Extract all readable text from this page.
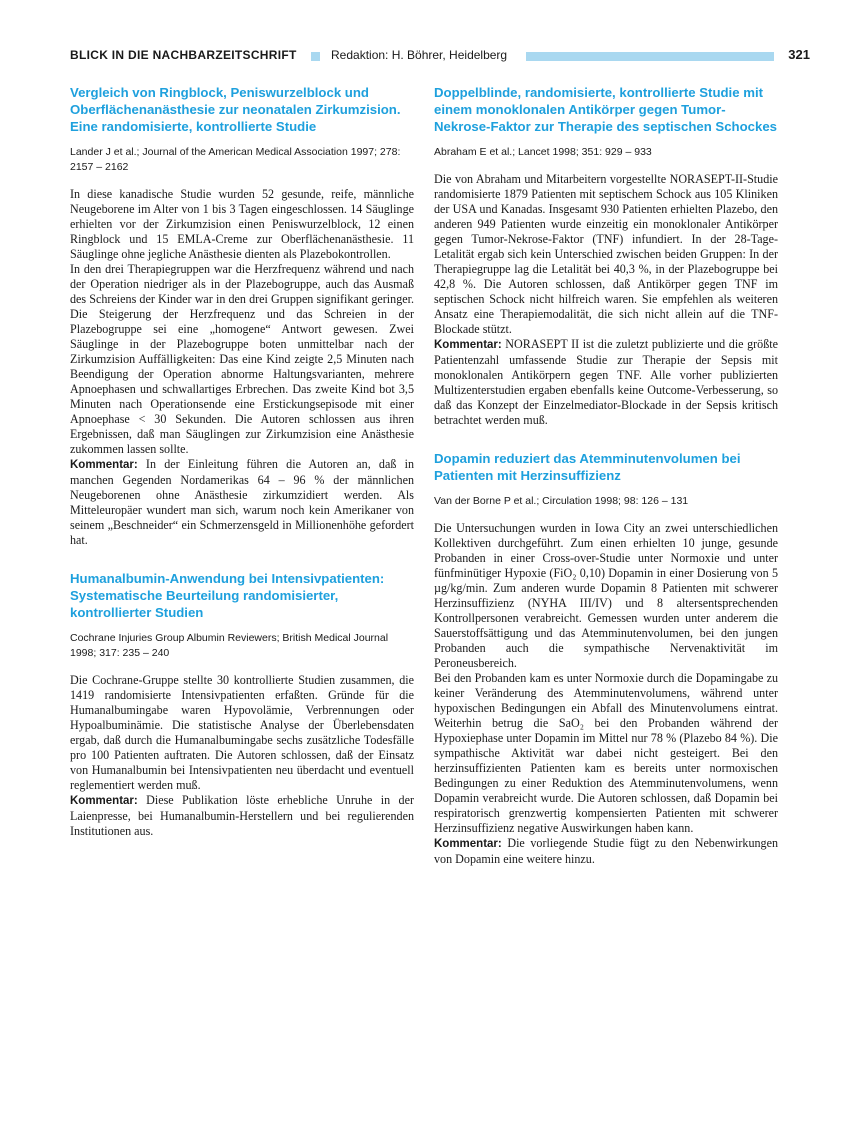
BLICK IN DIE NACHBARZEITSCHRIFT	Redaktion: H. Böhrer, Heidelberg	321
Vergleich von Ringblock, Peniswurzelblock und Oberflächenanästhesie zur neonatalen Zirkumzision. Eine randomisierte, kontrollierte Studie

Lander J et al.; Journal of the American Medical Association 1997; 278: 2157 – 2162

In diese kanadische Studie wurden 52 gesunde, reife, männliche Neugeborene im Alter von 1 bis 3 Tagen eingeschlossen. 14 Säuglinge erhielten vor der Zirkumzision einen Peniswurzelblock, 12 einen Ringblock und 15 EMLA-Creme zur Oberflächenanästhesie. 11 Säuglinge ohne jegliche Anästhesie dienten als Plazebokontrollen.

In den drei Therapiegruppen war die Herzfrequenz während und nach der Operation niedriger als in der Plazebogruppe, auch das Ausmaß des Schreiens der Kinder war in den drei Gruppen signifikant geringer. Die Steigerung der Herzfrequenz und das Schreien in der Plazebogruppe sei eine „homogene“ Antwort gewesen. Zwei Säuglinge in der Plazebogruppe boten unmittelbar nach der Zirkumzision Auffälligkeiten: Das eine Kind zeigte 2,5 Minuten nach Beendigung der Operation abnorme Haltungsvarianten, mehrere Apnoephasen und schwallartiges Erbrechen. Das zweite Kind bot 3,5 Minuten nach Operationsende eine Erstickungsepisode mit einer Apnoephase < 30 Sekunden. Die Autoren schlossen aus ihren Ergebnissen, daß man Säuglingen zur Zirkumzision eine Anästhesie zukommen lassen sollte.

Kommentar: In der Einleitung führen die Autoren an, daß in manchen Gegenden Nordamerikas 64 – 96 % der männlichen Neugeborenen ohne Anästhesie zirkumzidiert werden. Als Mitteleuropäer wundert man sich, warum noch kein Amerikaner von seinem „Beschneider“ ein Schmerzensgeld in Millionenhöhe gefordert hat.

Humanalbumin-Anwendung bei Intensivpatienten: Systematische Beurteilung randomisierter, kontrollierter Studien

Cochrane Injuries Group Albumin Reviewers; British Medical Journal 1998; 317: 235 – 240

Die Cochrane-Gruppe stellte 30 kontrollierte Studien zusammen, die 1419 randomisierte Intensivpatienten erfaßten. Gründe für die Humanalbumingabe waren Hypovolämie, Verbrennungen oder Hypoalbuminämie. Die statistische Analyse der Überlebensdaten ergab, daß durch die Humanalbumingabe sechs zusätzliche Todesfälle pro 100 Patienten auftraten. Die Autoren schlossen, daß der Einsatz von Humanalbumin bei Intensivpatienten neu überdacht und eventuell reglementiert werden muß.

Kommentar: Diese Publikation löste erhebliche Unruhe in der Laienpresse, bei Humanalbumin-Herstellern und bei regulierenden Institutionen aus.

Doppelblinde, randomisierte, kontrollierte Studie mit einem monoklonalen Antikörper gegen Tumor-Nekrose-Faktor zur Therapie des septischen Schockes

Abraham E et al.; Lancet 1998; 351: 929 – 933

Die von Abraham und Mitarbeitern vorgestellte NORASEPT-II-Studie randomisierte 1879 Patienten mit septischem Schock aus 105 Kliniken der USA und Kanadas. Insgesamt 930 Patienten erhielten Plazebo, den anderen 949 Patienten wurde einzeitig ein monoklonaler Antikörper gegen Tumor-Nekrose-Faktor (TNF) infundiert. In der 28-Tage-Letalität ergab sich kein Unterschied zwischen beiden Gruppen: In der Therapiegruppe lag die Letalität bei 40,3 %, in der Plazebogruppe bei 42,8 %. Die Autoren schlossen, daß Antikörper gegen TNF im septischen Schock nicht hilfreich waren. Sie empfehlen als weiteren Ansatz eine Therapiemodalität, die sich nicht allein auf die TNF-Blockade stützt.

Kommentar: NORASEPT II ist die zuletzt publizierte und die größte Patientenzahl umfassende Studie zur Therapie der Sepsis mit monoklonalen Antikörpern gegen TNF. Alle vorher publizierten Multizenterstudien ergaben ebenfalls keine Outcome-Verbesserung, so daß das Konzept der Einzelmediator-Blockade in der Sepsis kritisch betrachtet werden muß.

Dopamin reduziert das Atemminutenvolumen bei Patienten mit Herzinsuffizienz

Van der Borne P et al.; Circulation 1998; 98: 126 – 131

Die Untersuchungen wurden in Iowa City an zwei unterschiedlichen Kollektiven durchgeführt. Zum einen erhielten 10 junge, gesunde Probanden in einer Cross-over-Studie unter Normoxie und unter fünfminütiger Hypoxie (FiO₂ 0,10) Dopamin in einer Dosierung von 5 µg/kg/min. Zum anderen wurde Dopamin 8 Patienten mit schwerer Herzinsuffizienz (NYHA III/IV) und 8 altersentsprechenden Kontrollpersonen verabreicht. Gemessen wurden unter anderem die Sauerstoffsättigung und das Atemminutenvolumen, bei den jungen Probanden auch die sympathische Nervenaktivität im Peroneusbereich.

Bei den Probanden kam es unter Normoxie durch die Dopamingabe zu keiner Veränderung des Atemminutenvolumens, während unter hypoxischen Bedingungen ein Abfall des Minutenvolumens eintrat. Weiterhin betrug die SaO₂ bei den Probanden während der Hypoxiephase unter Dopamin im Mittel nur 78 % (Plazebo 84 %). Die sympathische Aktivität war dabei nicht gesteigert. Bei den herzinsuffizienten Patienten kam es bereits unter normoxischen Bedingungen zu einer Reduktion des Atemminutenvolumens, wenn Dopamin verabreicht wurde. Die Autoren schlossen, daß Dopamin bei respiratorisch grenzwertig kompensierten Patienten mit schwerer Herzinsuffizienz negative Auswirkungen haben kann.

Kommentar: Die vorliegende Studie fügt zu den Nebenwirkungen von Dopamin eine weitere hinzu.
